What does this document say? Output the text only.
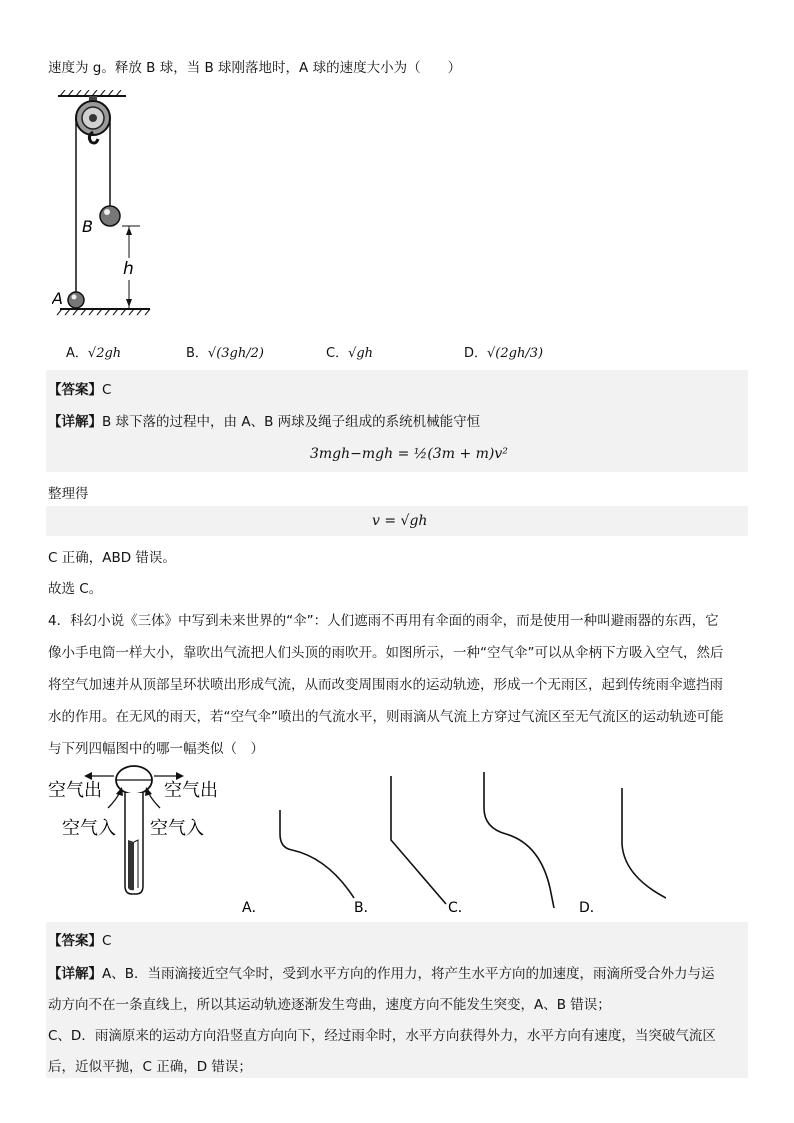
速度为 g。释放 B 球，当 B 球刚落地时，A 球的速度大小为（　　）
B
h
A
A．√2gh	B．√(3gh/2)	C．√gh	D．√(2gh/3)
【答案】C
【详解】B 球下落的过程中，由 A、B 两球及绳子组成的系统机械能守恒
3mgh−mgh = ½(3m + m)v²
整理得
v = √gh
C 正确，ABD 错误。
故选 C。
4．科幻小说《三体》中写到未来世界的“伞”：人们遮雨不再用有伞面的雨伞，而是使用一种叫避雨器的东西，它
像小手电筒一样大小，靠吹出气流把人们头顶的雨吹开。如图所示，一种“空气伞”可以从伞柄下方吸入空气，然后
将空气加速并从顶部呈环状喷出形成气流，从而改变周围雨水的运动轨迹，形成一个无雨区，起到传统雨伞遮挡雨
水的作用。在无风的雨天，若“空气伞”喷出的气流水平，则雨滴从气流上方穿过气流区至无气流区的运动轨迹可能
与下列四幅图中的哪一幅类似（　）
空气出	空气出
空气入 空气入
A．	B．	C．	D．
【答案】C
【详解】A、B．当雨滴接近空气伞时，受到水平方向的作用力，将产生水平方向的加速度，雨滴所受合外力与运
动方向不在一条直线上，所以其运动轨迹逐渐发生弯曲，速度方向不能发生突变，A、B 错误；
C、D．雨滴原来的运动方向沿竖直方向向下，经过雨伞时，水平方向获得外力，水平方向有速度，当突破气流区
后，近似平抛，C 正确，D 错误；
